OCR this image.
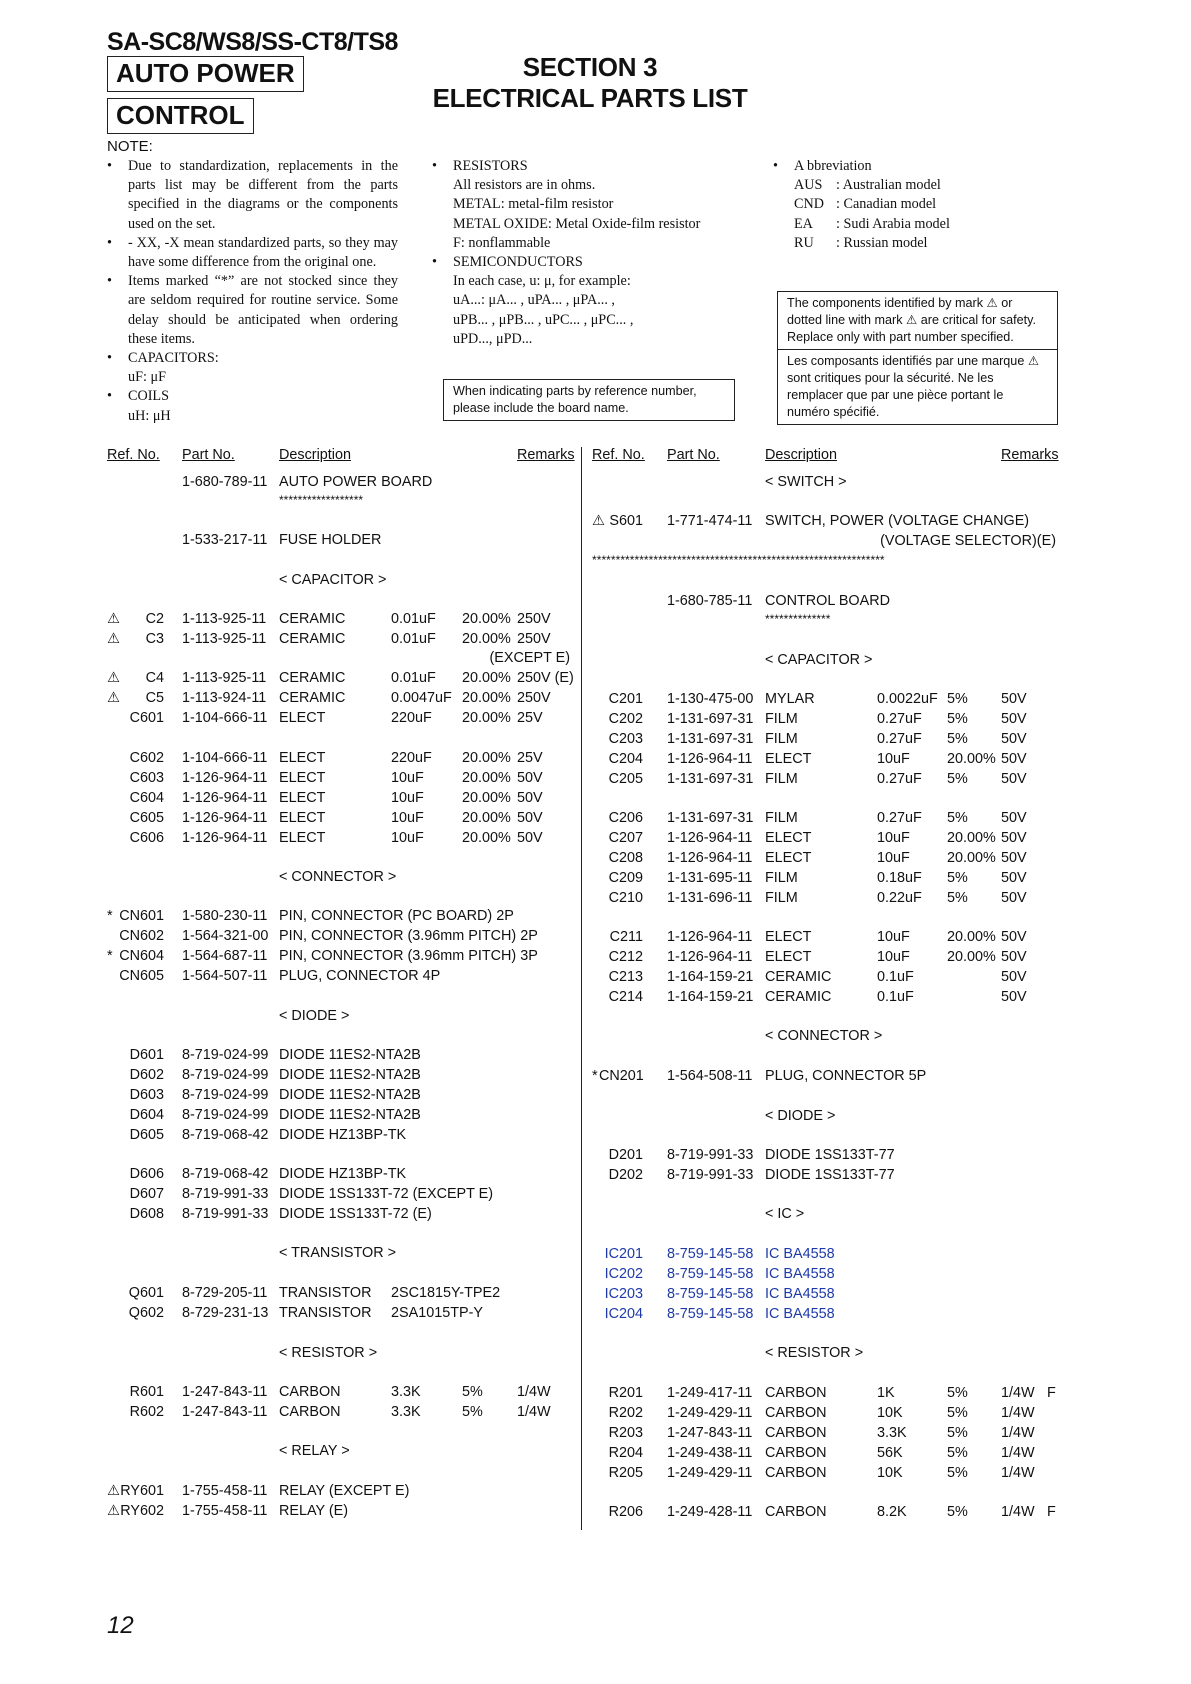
SA-SC8/WS8/SS-CT8/TS8
AUTO POWER
CONTROL
SECTION 3
ELECTRICAL PARTS LIST
NOTE:
• Due to standardization, replacements in the parts list may be different from the parts specified in the diagrams or the components used on the set.
• - XX, -X mean standardized parts, so they may have some difference from the original one.
• Items marked “*” are not stocked since they are seldom required for routine service. Some delay should be anticipated when ordering these items.
• CAPACITORS:
uF: μF
• COILS
uH: μH
• RESISTORS
All resistors are in ohms.
METAL: metal-film resistor
METAL OXIDE: Metal Oxide-film resistor
F: nonflammable
• SEMICONDUCTORS
In each case, u: μ, for example:
uA...: μA... , uPA... , μPA... ,
uPB... , μPB... , uPC... , μPC... ,
uPD..., μPD...
• A bbreviation
AUS : Australian model
CND : Canadian model
EA	: Sudi Arabia model
RU	: Russian model
When indicating parts by reference number, please include the board name.
The components identified by mark ⚠ or dotted line with mark ⚠ are critical for safety. Replace only with part number specified.
Les composants identifiés par une marque ⚠ sont critiques pour la sécurité. Ne les remplacer que par une pièce portant le numéro spécifié.
Ref. No. Part No.	Description	Remarks Ref. No. Part No.	Description	Remarks
1-680-789-11 AUTO POWER BOARD
******************
1-533-217-11 FUSE HOLDER
< CAPACITOR >
⚠	C2 1-113-925-11 CERAMIC	0.01uF 20.00% 250V
⚠	C3 1-113-925-11 CERAMIC	0.01uF 20.00% 250V
(EXCEPT E)
⚠	C4 1-113-925-11 CERAMIC	0.01uF 20.00% 250V (E)
⚠	C5 1-113-924-11 CERAMIC	0.0047uF 20.00% 250V
C601 1-104-666-11 ELECT	220uF 20.00% 25V
C602 1-104-666-11 ELECT	220uF 20.00% 25V
C603 1-126-964-11 ELECT	10uF	20.00% 50V
C604 1-126-964-11 ELECT	10uF	20.00% 50V
C605 1-126-964-11 ELECT	10uF	20.00% 50V
C606 1-126-964-11 ELECT	10uF	20.00% 50V
< CONNECTOR >
* CN601 1-580-230-11 PIN, CONNECTOR (PC BOARD) 2P
CN602 1-564-321-00 PIN, CONNECTOR (3.96mm PITCH) 2P
* CN604 1-564-687-11 PIN, CONNECTOR (3.96mm PITCH) 3P
CN605 1-564-507-11 PLUG, CONNECTOR 4P
< DIODE >
D601 8-719-024-99 DIODE 11ES2-NTA2B
D602 8-719-024-99 DIODE 11ES2-NTA2B
D603 8-719-024-99 DIODE 11ES2-NTA2B
D604 8-719-024-99 DIODE 11ES2-NTA2B
D605 8-719-068-42 DIODE HZ13BP-TK
D606 8-719-068-42 DIODE HZ13BP-TK
D607 8-719-991-33 DIODE 1SS133T-72 (EXCEPT E)
D608 8-719-991-33 DIODE 1SS133T-72 (E)
< TRANSISTOR >
Q601 8-729-205-11 TRANSISTOR 2SC1815Y-TPE2
Q602 8-729-231-13 TRANSISTOR 2SA1015TP-Y
< RESISTOR >
R601 1-247-843-11 CARBON	3.3K	5% 1/4W
R602 1-247-843-11 CARBON	3.3K	5% 1/4W
< RELAY >
⚠ RY601 1-755-458-11 RELAY (EXCEPT E)
⚠ RY602 1-755-458-11 RELAY (E)
< SWITCH >
⚠ S601 1-771-474-11 SWITCH, POWER (VOLTAGE CHANGE)
(VOLTAGE SELECTOR)(E)
**************************************************************
1-680-785-11 CONTROL BOARD
**************
< CAPACITOR >
C201 1-130-475-00 MYLAR	0.0022uF 5% 50V
C202 1-131-697-31 FILM	0.27uF 5% 50V
C203 1-131-697-31 FILM	0.27uF 5% 50V
C204 1-126-964-11 ELECT	10uF	20.00% 50V
C205 1-131-697-31 FILM	0.27uF 5% 50V
C206 1-131-697-31 FILM	0.27uF 5% 50V
C207 1-126-964-11 ELECT	10uF	20.00% 50V
C208 1-126-964-11 ELECT	10uF	20.00% 50V
C209 1-131-695-11 FILM	0.18uF 5% 50V
C210 1-131-696-11 FILM	0.22uF 5% 50V
C211 1-126-964-11 ELECT	10uF	20.00% 50V
C212 1-126-964-11 ELECT	10uF	20.00% 50V
C213 1-164-159-21 CERAMIC	0.1uF	50V
C214 1-164-159-21 CERAMIC	0.1uF	50V
< CONNECTOR >
* CN201 1-564-508-11 PLUG, CONNECTOR 5P
< DIODE >
D201 8-719-991-33 DIODE 1SS133T-77
D202 8-719-991-33 DIODE 1SS133T-77
< IC >
IC201 8-759-145-58 IC BA4558
IC202 8-759-145-58 IC BA4558
IC203 8-759-145-58 IC BA4558
IC204 8-759-145-58 IC BA4558
< RESISTOR >
R201 1-249-417-11 CARBON	1K	5% 1/4W F
R202 1-249-429-11 CARBON	10K	5% 1/4W
R203 1-247-843-11 CARBON	3.3K	5% 1/4W
R204 1-249-438-11 CARBON	56K	5% 1/4W
R205 1-249-429-11 CARBON	10K	5% 1/4W
R206 1-249-428-11 CARBON	8.2K	5% 1/4W F
12
